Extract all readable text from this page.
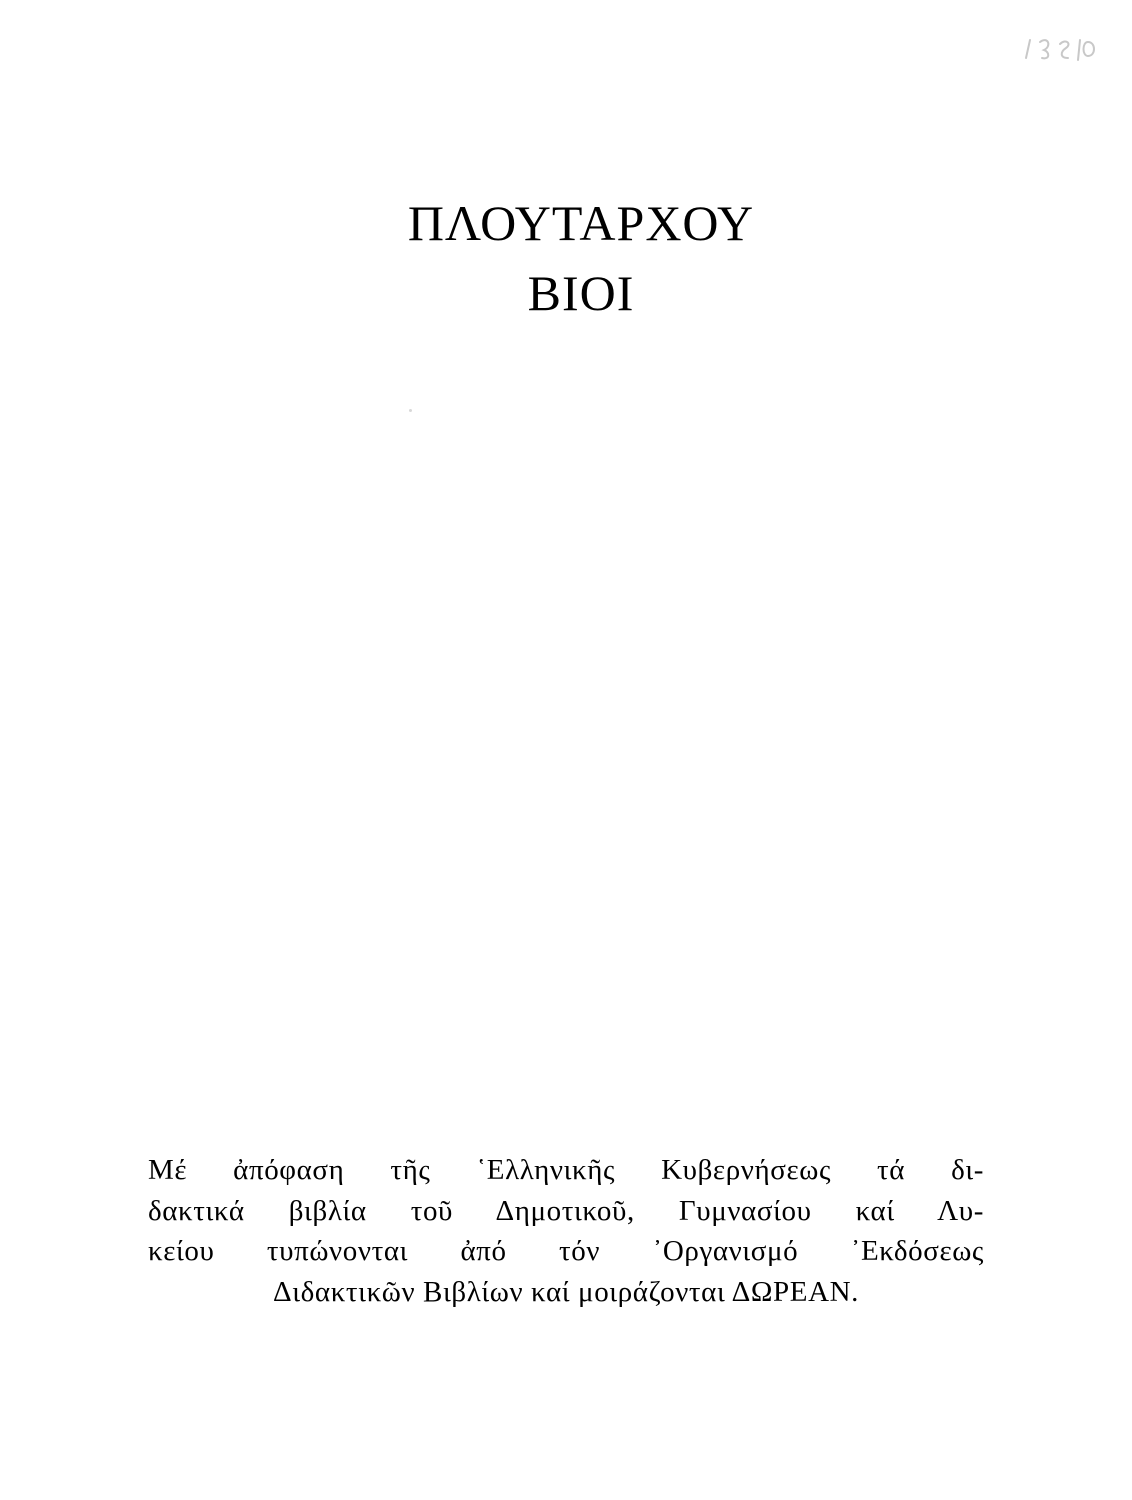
ΠΛΟΥΤΑΡΧΟΥ

ΒΙΟΙ

Μέ ἀπόφαση τῆς ῾Ελληνικῆς Κυβερνήσεως τά δι-
δακτικά βιβλία τοῦ Δημοτικοῦ, Γυμνασίου καί Λυ-
κείου τυπώνονται ἀπό τόν ᾿Οργανισμό ᾿Εκδόσεως
Διδακτικῶν Βιβλίων καί μοιράζονται ΔΩΡΕΑΝ.
